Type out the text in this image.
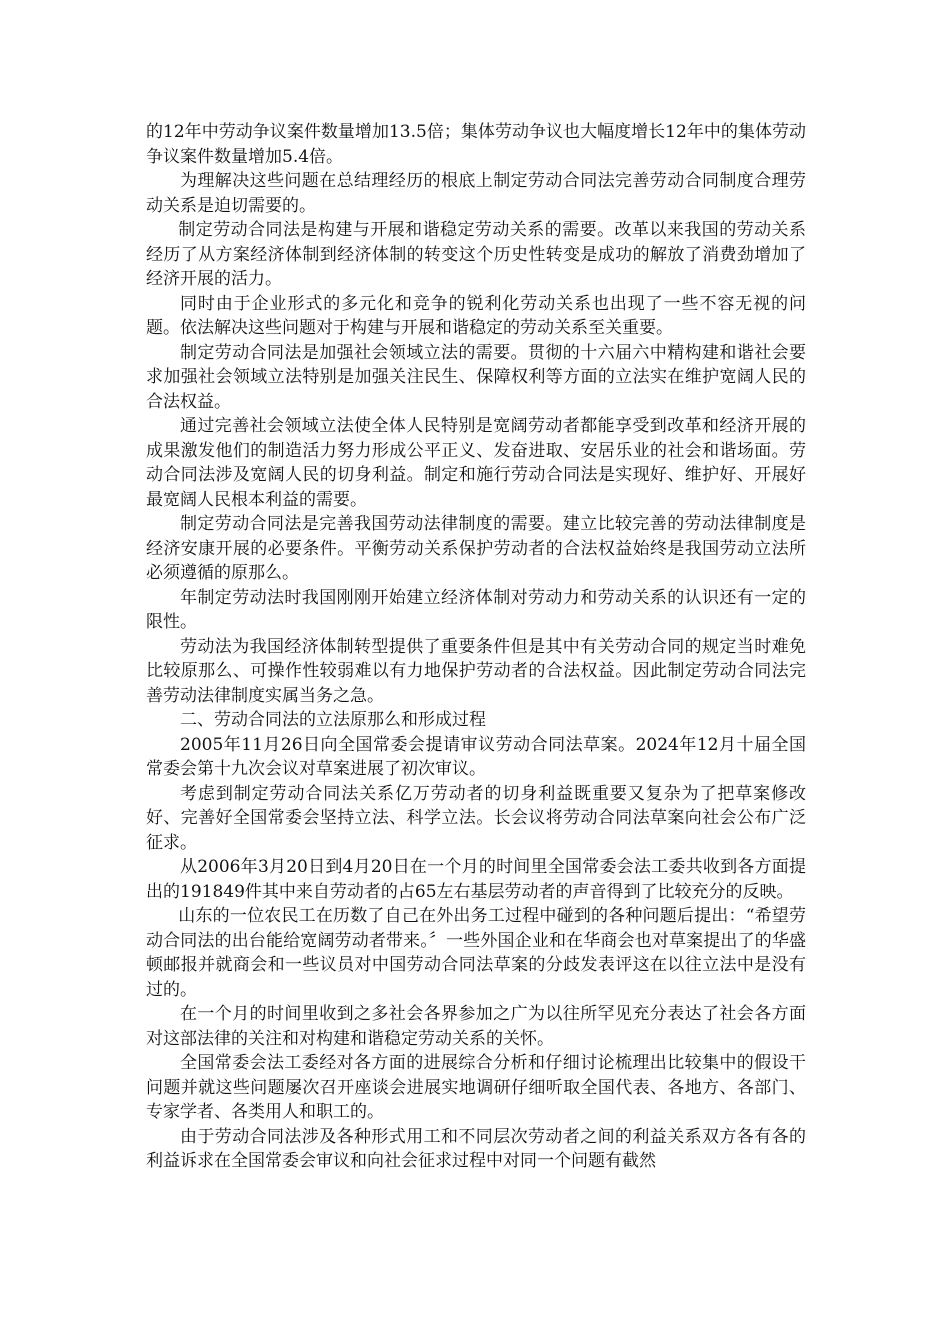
的12年中劳动争议案件数量增加13.5倍；集体劳动争议也大幅度增长12年中的集体劳动争议案件数量增加5.4倍。

为理解决这些问题在总结理经历的根底上制定劳动合同法完善劳动合同制度合理劳动关系是迫切需要的。

制定劳动合同法是构建与开展和谐稳定劳动关系的需要。改革以来我国的劳动关系经历了从方案经济体制到经济体制的转变这个历史性转变是成功的解放了消费劲增加了经济开展的活力。

同时由于企业形式的多元化和竞争的锐利化劳动关系也出现了一些不容无视的问题。依法解决这些问题对于构建与开展和谐稳定的劳动关系至关重要。

制定劳动合同法是加强社会领域立法的需要。贯彻的十六届六中精构建和谐社会要求加强社会领域立法特别是加强关注民生、保障权利等方面的立法实在维护宽阔人民的合法权益。

通过完善社会领域立法使全体人民特别是宽阔劳动者都能享受到改革和经济开展的成果激发他们的制造活力努力形成公平正义、发奋进取、安居乐业的社会和谐场面。劳动合同法涉及宽阔人民的切身利益。制定和施行劳动合同法是实现好、维护好、开展好最宽阔人民根本利益的需要。

制定劳动合同法是完善我国劳动法律制度的需要。建立比较完善的劳动法律制度是经济安康开展的必要条件。平衡劳动关系保护劳动者的合法权益始终是我国劳动立法所必须遵循的原那么。

年制定劳动法时我国刚刚开始建立经济体制对劳动力和劳动关系的认识还有一定的限性。

劳动法为我国经济体制转型提供了重要条件但是其中有关劳动合同的规定当时难免比较原那么、可操作性较弱难以有力地保护劳动者的合法权益。因此制定劳动合同法完善劳动法律制度实属当务之急。

二、劳动合同法的立法原那么和形成过程

2005年11月26日向全国常委会提请审议劳动合同法草案。2024年12月十届全国常委会第十九次会议对草案进展了初次审议。

考虑到制定劳动合同法关系亿万劳动者的切身利益既重要又复杂为了把草案修改好、完善好全国常委会坚持立法、科学立法。长会议将劳动合同法草案向社会公布广泛征求。

从2006年3月20日到4月20日在一个月的时间里全国常委会法工委共收到各方面提出的191849件其中来自劳动者的占65左右基层劳动者的声音得到了比较充分的反映。

山东的一位农民工在历数了自己在外出务工过程中碰到的各种问题后提出：“希望劳动合同法的出台能给宽阔劳动者带来。〞一些外国企业和在华商会也对草案提出了的华盛顿邮报并就商会和一些议员对中国劳动合同法草案的分歧发表评这在以往立法中是没有过的。

在一个月的时间里收到之多社会各界参加之广为以往所罕见充分表达了社会各方面对这部法律的关注和对构建和谐稳定劳动关系的关怀。

全国常委会法工委经对各方面的进展综合分析和仔细讨论梳理出比较集中的假设干问题并就这些问题屡次召开座谈会进展实地调研仔细听取全国代表、各地方、各部门、专家学者、各类用人和职工的。

由于劳动合同法涉及各种形式用工和不同层次劳动者之间的利益关系双方各有各的利益诉求在全国常委会审议和向社会征求过程中对同一个问题有截然
